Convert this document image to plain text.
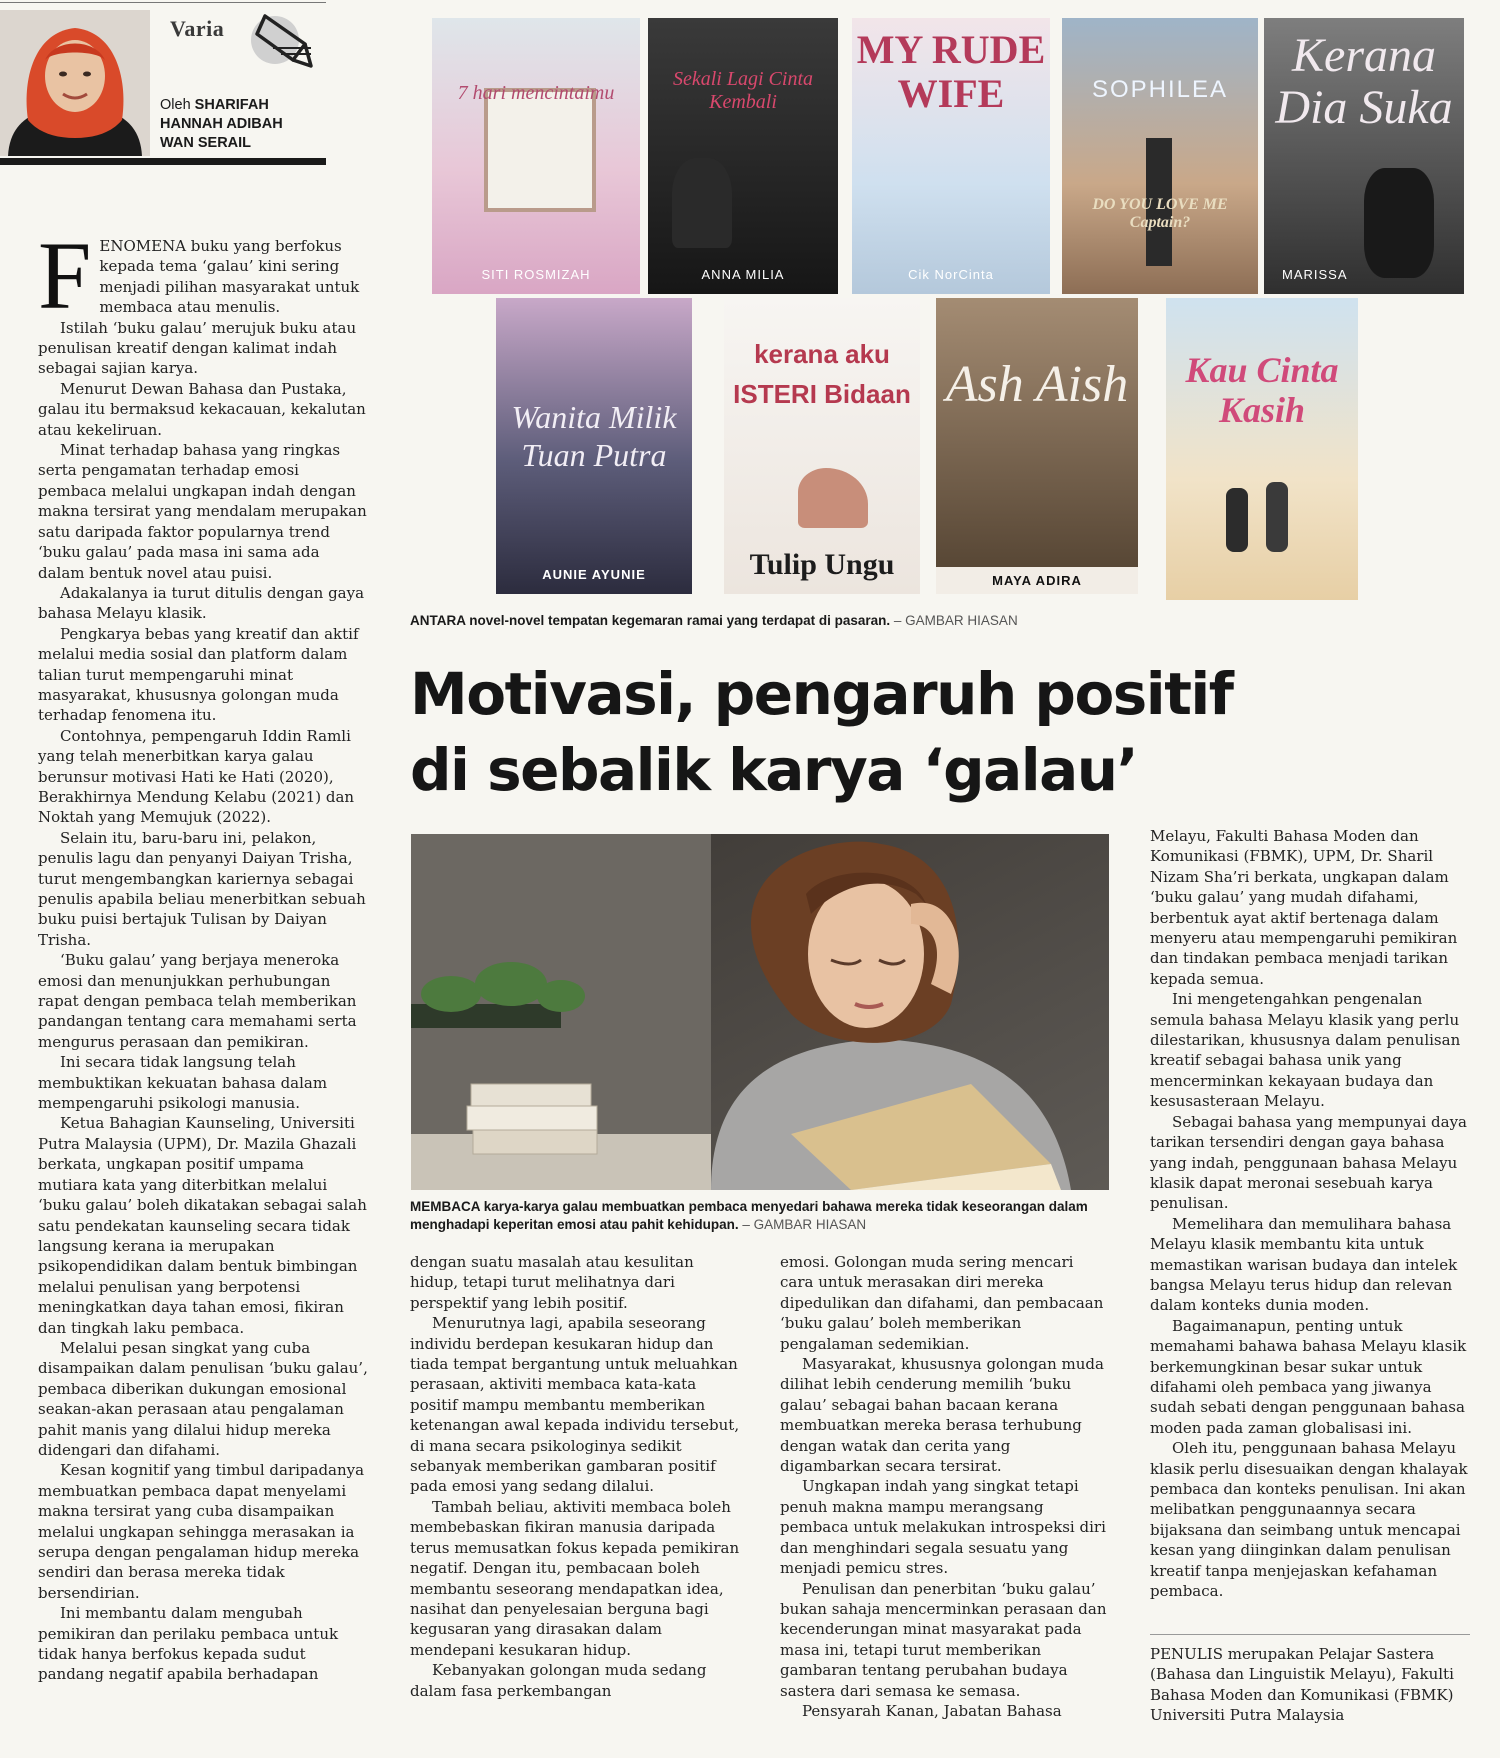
Varia
Oleh SHARIFAH
HANNAH ADIBAH
WAN SERAIL
7 hari mencintaimu
SITI ROSMIZAH
Sekali Lagi Cinta Kembali
ANNA MILIA
MY RUDE WIFE
Cik NorCinta
SOPHILEA
DO YOU LOVE ME Captain?
Kerana Dia Suka
MARISSA
Wanita Milik Tuan Putra
AUNIE AYUNIE
kerana aku ISTERI Bidaan
Tulip Ungu
Ash Aish
MAYA ADIRA
Kau Cinta Kasih
ANTARA novel-novel tempatan kegemaran ramai yang terdapat di pasaran. – GAMBAR HIASAN
Motivasi, pengaruh positif
di sebalik karya ‘galau’
MEMBACA karya-karya galau membuatkan pembaca menyedari bahawa mereka tidak keseorangan dalam menghadapi keperitan emosi atau pahit kehidupan. – GAMBAR HIASAN
F ENOMENA buku yang berfokus kepada tema ‘galau’ kini sering menjadi pilihan masyarakat untuk membaca atau menulis.

Istilah ‘buku galau’ merujuk buku atau penulisan kreatif dengan kalimat indah sebagai sajian karya.

Menurut Dewan Bahasa dan Pustaka, galau itu bermaksud kekacauan, kekalutan atau kekeliruan.

Minat terhadap bahasa yang ringkas serta pengamatan terhadap emosi pembaca melalui ungkapan indah dengan makna tersirat yang mendalam merupakan satu daripada faktor popularnya trend ‘buku galau’ pada masa ini sama ada dalam bentuk novel atau puisi.

Adakalanya ia turut ditulis dengan gaya bahasa Melayu klasik.

Pengkarya bebas yang kreatif dan aktif melalui media sosial dan platform dalam talian turut mempengaruhi minat masyarakat, khususnya golongan muda terhadap fenomena itu.

Contohnya, pempengaruh Iddin Ramli yang telah menerbitkan karya galau berunsur motivasi Hati ke Hati (2020), Berakhirnya Mendung Kelabu (2021) dan Noktah yang Memujuk (2022).

Selain itu, baru-baru ini, pelakon, penulis lagu dan penyanyi Daiyan Trisha, turut mengembangkan kariernya sebagai penulis apabila beliau menerbitkan sebuah buku puisi bertajuk Tulisan by Daiyan Trisha.

‘Buku galau’ yang berjaya meneroka emosi dan menunjukkan perhubungan rapat dengan pembaca telah memberikan pandangan tentang cara memahami serta mengurus perasaan dan pemikiran.

Ini secara tidak langsung telah membuktikan kekuatan bahasa dalam mempengaruhi psikologi manusia.

Ketua Bahagian Kaunseling, Universiti Putra Malaysia (UPM), Dr. Mazila Ghazali berkata, ungkapan positif umpama mutiara kata yang diterbitkan melalui ‘buku galau’ boleh dikatakan sebagai salah satu pendekatan kaunseling secara tidak langsung kerana ia merupakan psikopendidikan dalam bentuk bimbingan melalui penulisan yang berpotensi meningkatkan daya tahan emosi, fikiran dan tingkah laku pembaca.

Melalui pesan singkat yang cuba disampaikan dalam penulisan ‘buku galau’, pembaca diberikan dukungan emosional seakan-akan perasaan atau pengalaman pahit manis yang dilalui hidup mereka didengari dan difahami.

Kesan kognitif yang timbul daripadanya membuatkan pembaca dapat menyelami makna tersirat yang cuba disampaikan melalui ungkapan sehingga merasakan ia serupa dengan pengalaman hidup mereka sendiri dan berasa mereka tidak bersendirian.

Ini membantu dalam mengubah pemikiran dan perilaku pembaca untuk tidak hanya berfokus kepada sudut pandang negatif apabila berhadapan

dengan suatu masalah atau kesulitan hidup, tetapi turut melihatnya dari perspektif yang lebih positif.

Menurutnya lagi, apabila seseorang individu berdepan kesukaran hidup dan tiada tempat bergantung untuk meluahkan perasaan, aktiviti membaca kata-kata positif mampu membantu memberikan ketenangan awal kepada individu tersebut, di mana secara psikologinya sedikit sebanyak memberikan gambaran positif pada emosi yang sedang dilalui.

Tambah beliau, aktiviti membaca boleh membebaskan fikiran manusia daripada terus memusatkan fokus kepada pemikiran negatif. Dengan itu, pembacaan boleh membantu seseorang mendapatkan idea, nasihat dan penyelesaian berguna bagi kegusaran yang dirasakan dalam mendepani kesukaran hidup.

Kebanyakan golongan muda sedang dalam fasa perkembangan

emosi. Golongan muda sering mencari cara untuk merasakan diri mereka dipedulikan dan difahami, dan pembacaan ‘buku galau’ boleh memberikan pengalaman sedemikian.

Masyarakat, khususnya golongan muda dilihat lebih cenderung memilih ‘buku galau’ sebagai bahan bacaan kerana membuatkan mereka berasa terhubung dengan watak dan cerita yang digambarkan secara tersirat.

Ungkapan indah yang singkat tetapi penuh makna mampu merangsang pembaca untuk melakukan introspeksi diri dan menghindari segala sesuatu yang menjadi pemicu stres.

Penulisan dan penerbitan ‘buku galau’ bukan sahaja mencerminkan perasaan dan kecenderungan minat masyarakat pada masa ini, tetapi turut memberikan gambaran tentang perubahan budaya sastera dari semasa ke semasa.

Pensyarah Kanan, Jabatan Bahasa

Melayu, Fakulti Bahasa Moden dan Komunikasi (FBMK), UPM, Dr. Sharil Nizam Sha’ri berkata, ungkapan dalam ‘buku galau’ yang mudah difahami, berbentuk ayat aktif bertenaga dalam menyeru atau mempengaruhi pemikiran dan tindakan pembaca menjadi tarikan kepada semua.

Ini mengetengahkan pengenalan semula bahasa Melayu klasik yang perlu dilestarikan, khususnya dalam penulisan kreatif sebagai bahasa unik yang mencerminkan kekayaan budaya dan kesusasteraan Melayu.

Sebagai bahasa yang mempunyai daya tarikan tersendiri dengan gaya bahasa yang indah, penggunaan bahasa Melayu klasik dapat meronai sesebuah karya penulisan.

Memelihara dan memulihara bahasa Melayu klasik membantu kita untuk memastikan warisan budaya dan intelek bangsa Melayu terus hidup dan relevan dalam konteks dunia moden.

Bagaimanapun, penting untuk memahami bahawa bahasa Melayu klasik berkemungkinan besar sukar untuk difahami oleh pembaca yang jiwanya sudah sebati dengan penggunaan bahasa moden pada zaman globalisasi ini.

Oleh itu, penggunaan bahasa Melayu klasik perlu disesuaikan dengan khalayak pembaca dan konteks penulisan. Ini akan melibatkan penggunaannya secara bijaksana dan seimbang untuk mencapai kesan yang diinginkan dalam penulisan kreatif tanpa menjejaskan kefahaman pembaca.

PENULIS merupakan Pelajar Sastera (Bahasa dan Linguistik Melayu), Fakulti Bahasa Moden dan Komunikasi (FBMK) Universiti Putra Malaysia
